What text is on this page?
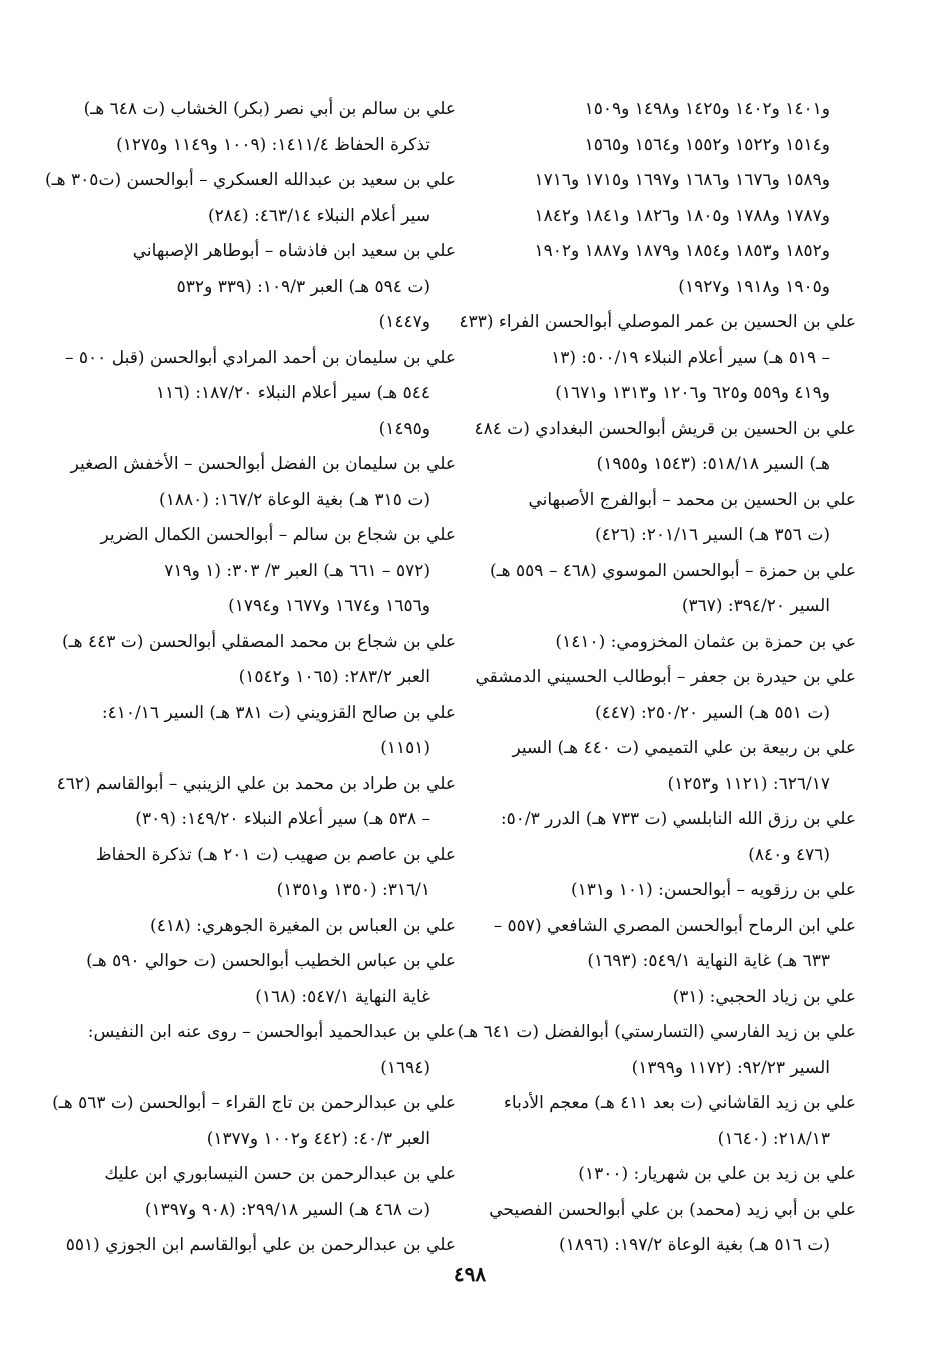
و١٤٠١ و١٤٠٢ و١٤٢٥ و١٤٩٨ و١٥٠٩
و١٥١٤ و١٥٢٢ و١٥٥٢ و١٥٦٤ و١٥٦٥
و١٥٨٩ و١٦٧٦ و١٦٨٦ و١٦٩٧ و١٧١٥ و١٧١٦
و١٧٨٧ و١٧٨٨ و١٨٠٥ و١٨٢٦ و١٨٤١ و١٨٤٢
و١٨٥٢ و١٨٥٣ و١٨٥٤ و١٨٧٩ و١٨٨٧ و١٩٠٢
و١٩٠٥ و١٩١٨ و١٩٢٧)
علي بن الحسين بن عمر الموصلي أبوالحسن الفراء (٤٣٣
– ٥١٩ هـ) سير أعلام النبلاء ٥٠٠/١٩: (١٣
و٤١٩ و٥٥٩ و٦٢٥ و١٢٠٦ و١٣١٣ و١٦٧١)
علي بن الحسين بن قريش أبوالحسن البغدادي (ت ٤٨٤
هـ) السير ٥١٨/١٨: (١٥٤٣ و١٩٥٥)
علي بن الحسين بن محمد – أبوالفرج الأصبهاني
(ت ٣٥٦ هـ) السير ٢٠١/١٦: (٤٢٦)
علي بن حمزة – أبوالحسن الموسوي (٤٦٨ – ٥٥٩ هـ)
السير ٣٩٤/٢٠: (٣٦٧)
عي بن حمزة بن عثمان المخزومي: (١٤١٠)
علي بن حيدرة بن جعفر – أبوطالب الحسيني الدمشقي
(ت ٥٥١ هـ) السير ٢٥٠/٢٠: (٤٤٧)
علي بن ربيعة بن علي التميمي (ت ٤٤٠ هـ) السير
٦٢٦/١٧: (١١٢١ و١٢٥٣)
علي بن رزق الله النابلسي (ت ٧٣٣ هـ) الدرر ٥٠/٣:
(٤٧٦ و٨٤٠)
علي بن رزقويه – أبوالحسن: (١٠١ و١٣١)
علي ابن الرماح أبوالحسن المصري الشافعي (٥٥٧ –
٦٣٣ هـ) غاية النهاية ٥٤٩/١: (١٦٩٣)
علي بن زياد الحجبي: (٣١)
علي بن زيد الفارسي (التسارستي) أبوالفضل (ت ٦٤١ هـ)
السير ٩٢/٢٣: (١١٧٢ و١٣٩٩)
علي بن زيد القاشاني (ت بعد ٤١١ هـ) معجم الأدباء
٢١٨/١٣: (١٦٤٠)
علي بن زيد بن علي بن شهريار: (١٣٠٠)
علي بن أبي زيد (محمد) بن علي أبوالحسن الفصيحي
(ت ٥١٦ هـ) بغية الوعاة ١٩٧/٢: (١٨٩٦)
علي بن سالم بن أبي نصر (بكر) الخشاب (ت ٦٤٨ هـ)
تذكرة الحفاظ ١٤١١/٤: (١٠٠٩ و١١٤٩ و١٢٧٥)
علي بن سعيد بن عبدالله العسكري – أبوالحسن (ت٣٠٥ هـ)
سير أعلام النبلاء ٤٦٣/١٤: (٢٨٤)
علي بن سعيد ابن فاذشاه – أبوطاهر الإصبهاني
(ت ٥٩٤ هـ) العبر ١٠٩/٣: (٣٣٩ و٥٣٢
و١٤٤٧)
علي بن سليمان بن أحمد المرادي أبوالحسن (قبل ٥٠٠ –
٥٤٤ هـ) سير أعلام النبلاء ١٨٧/٢٠: (١١٦
و١٤٩٥)
علي بن سليمان بن الفضل أبوالحسن – الأخفش الصغير
(ت ٣١٥ هـ) بغية الوعاة ١٦٧/٢: (١٨٨٠)
علي بن شجاع بن سالم – أبوالحسن الكمال الضرير
(٥٧٢ – ٦٦١ هـ) العبر ٣/ ٣٠٣: (١ و٧١٩
و١٦٥٦ و١٦٧٤ و١٦٧٧ و١٧٩٤)
علي بن شجاع بن محمد المصقلي أبوالحسن (ت ٤٤٣ هـ)
العبر ٢٨٣/٢: (١٠٦٥ و١٥٤٢)
علي بن صالح القزويني (ت ٣٨١ هـ) السير ٤١٠/١٦:
(١١٥١)
علي بن طراد بن محمد بن علي الزينبي – أبوالقاسم (٤٦٢
– ٥٣٨ هـ) سير أعلام النبلاء ١٤٩/٢٠: (٣٠٩)
علي بن عاصم بن صهيب (ت ٢٠١ هـ) تذكرة الحفاظ
٣١٦/١: (١٣٥٠ و١٣٥١)
علي بن العباس بن المغيرة الجوهري: (٤١٨)
علي بن عباس الخطيب أبوالحسن (ت حوالي ٥٩٠ هـ)
غاية النهاية ٥٤٧/١: (١٦٨)
علي بن عبدالحميد أبوالحسن – روى عنه ابن النفيس:
(١٦٩٤)
علي بن عبدالرحمن بن تاج القراء – أبوالحسن (ت ٥٦٣ هـ)
العبر ٤٠/٣: (٤٤٢ و١٠٠٢ و١٣٧٧)
علي بن عبدالرحمن بن حسن النيسابوري ابن عليك
(ت ٤٦٨ هـ) السير ٢٩٩/١٨: (٩٠٨ و١٣٩٧)
علي بن عبدالرحمن بن علي أبوالقاسم ابن الجوزي (٥٥١
٤٩٨
